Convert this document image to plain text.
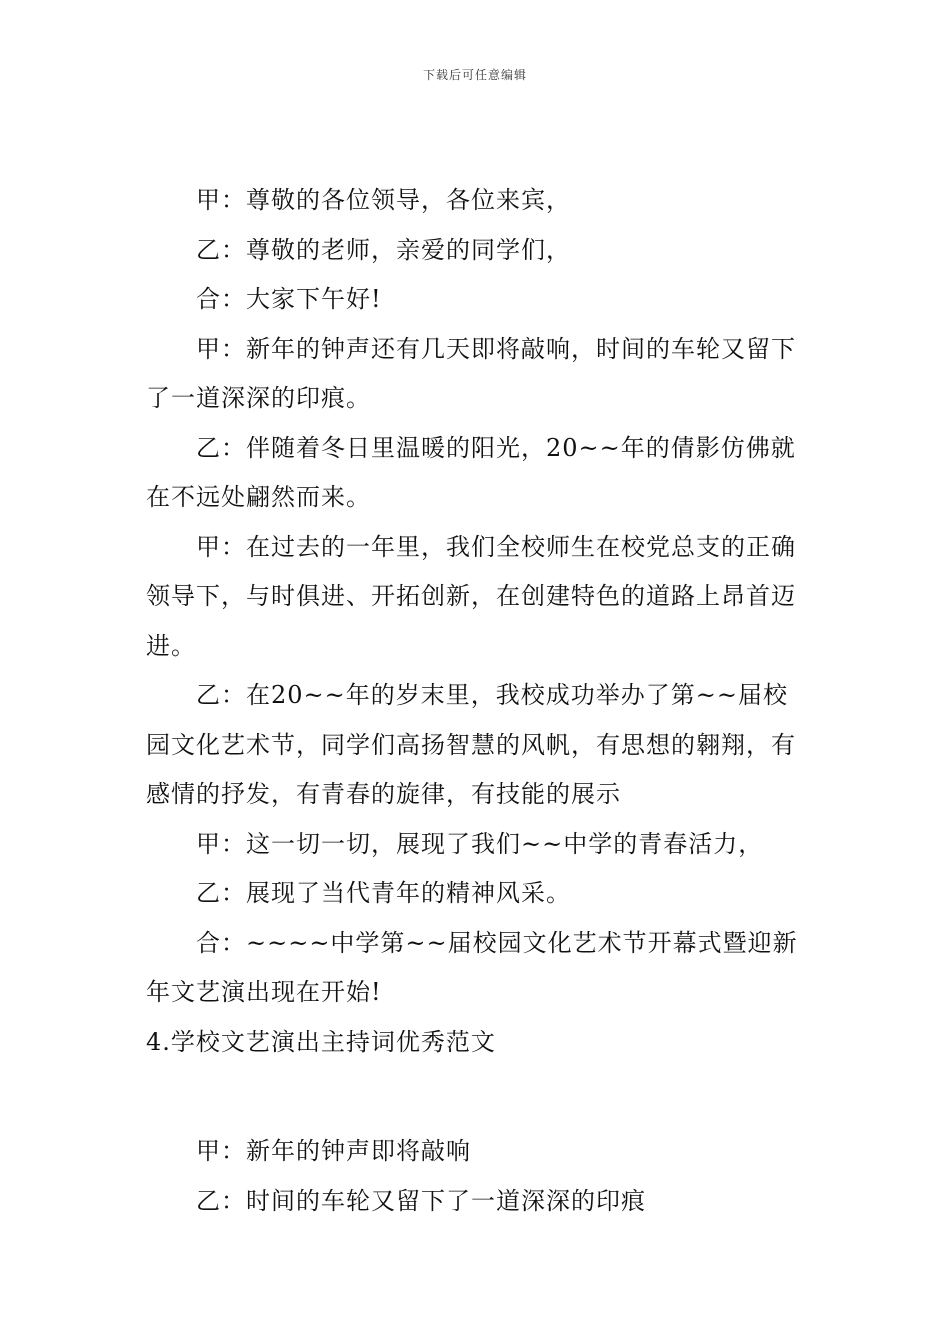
下载后可任意编辑

甲：尊敬的各位领导，各位来宾，

乙：尊敬的老师，亲爱的同学们，

合：大家下午好!

甲：新年的钟声还有几天即将敲响，时间的车轮又留下了一道深深的印痕。

乙：伴随着冬日里温暖的阳光，20~~年的倩影仿佛就在不远处翩然而来。

甲：在过去的一年里，我们全校师生在校党总支的正确领导下，与时俱进、开拓创新，在创建特色的道路上昂首迈进。

乙：在20~~年的岁末里，我校成功举办了第~~届校园文化艺术节，同学们高扬智慧的风帆，有思想的翱翔，有感情的抒发，有青春的旋律，有技能的展示

甲：这一切一切，展现了我们~~中学的青春活力，

乙：展现了当代青年的精神风采。

合：~~~~中学第~~届校园文化艺术节开幕式暨迎新年文艺演出现在开始!

4.学校文艺演出主持词优秀范文

甲：新年的钟声即将敲响

乙：时间的车轮又留下了一道深深的印痕
